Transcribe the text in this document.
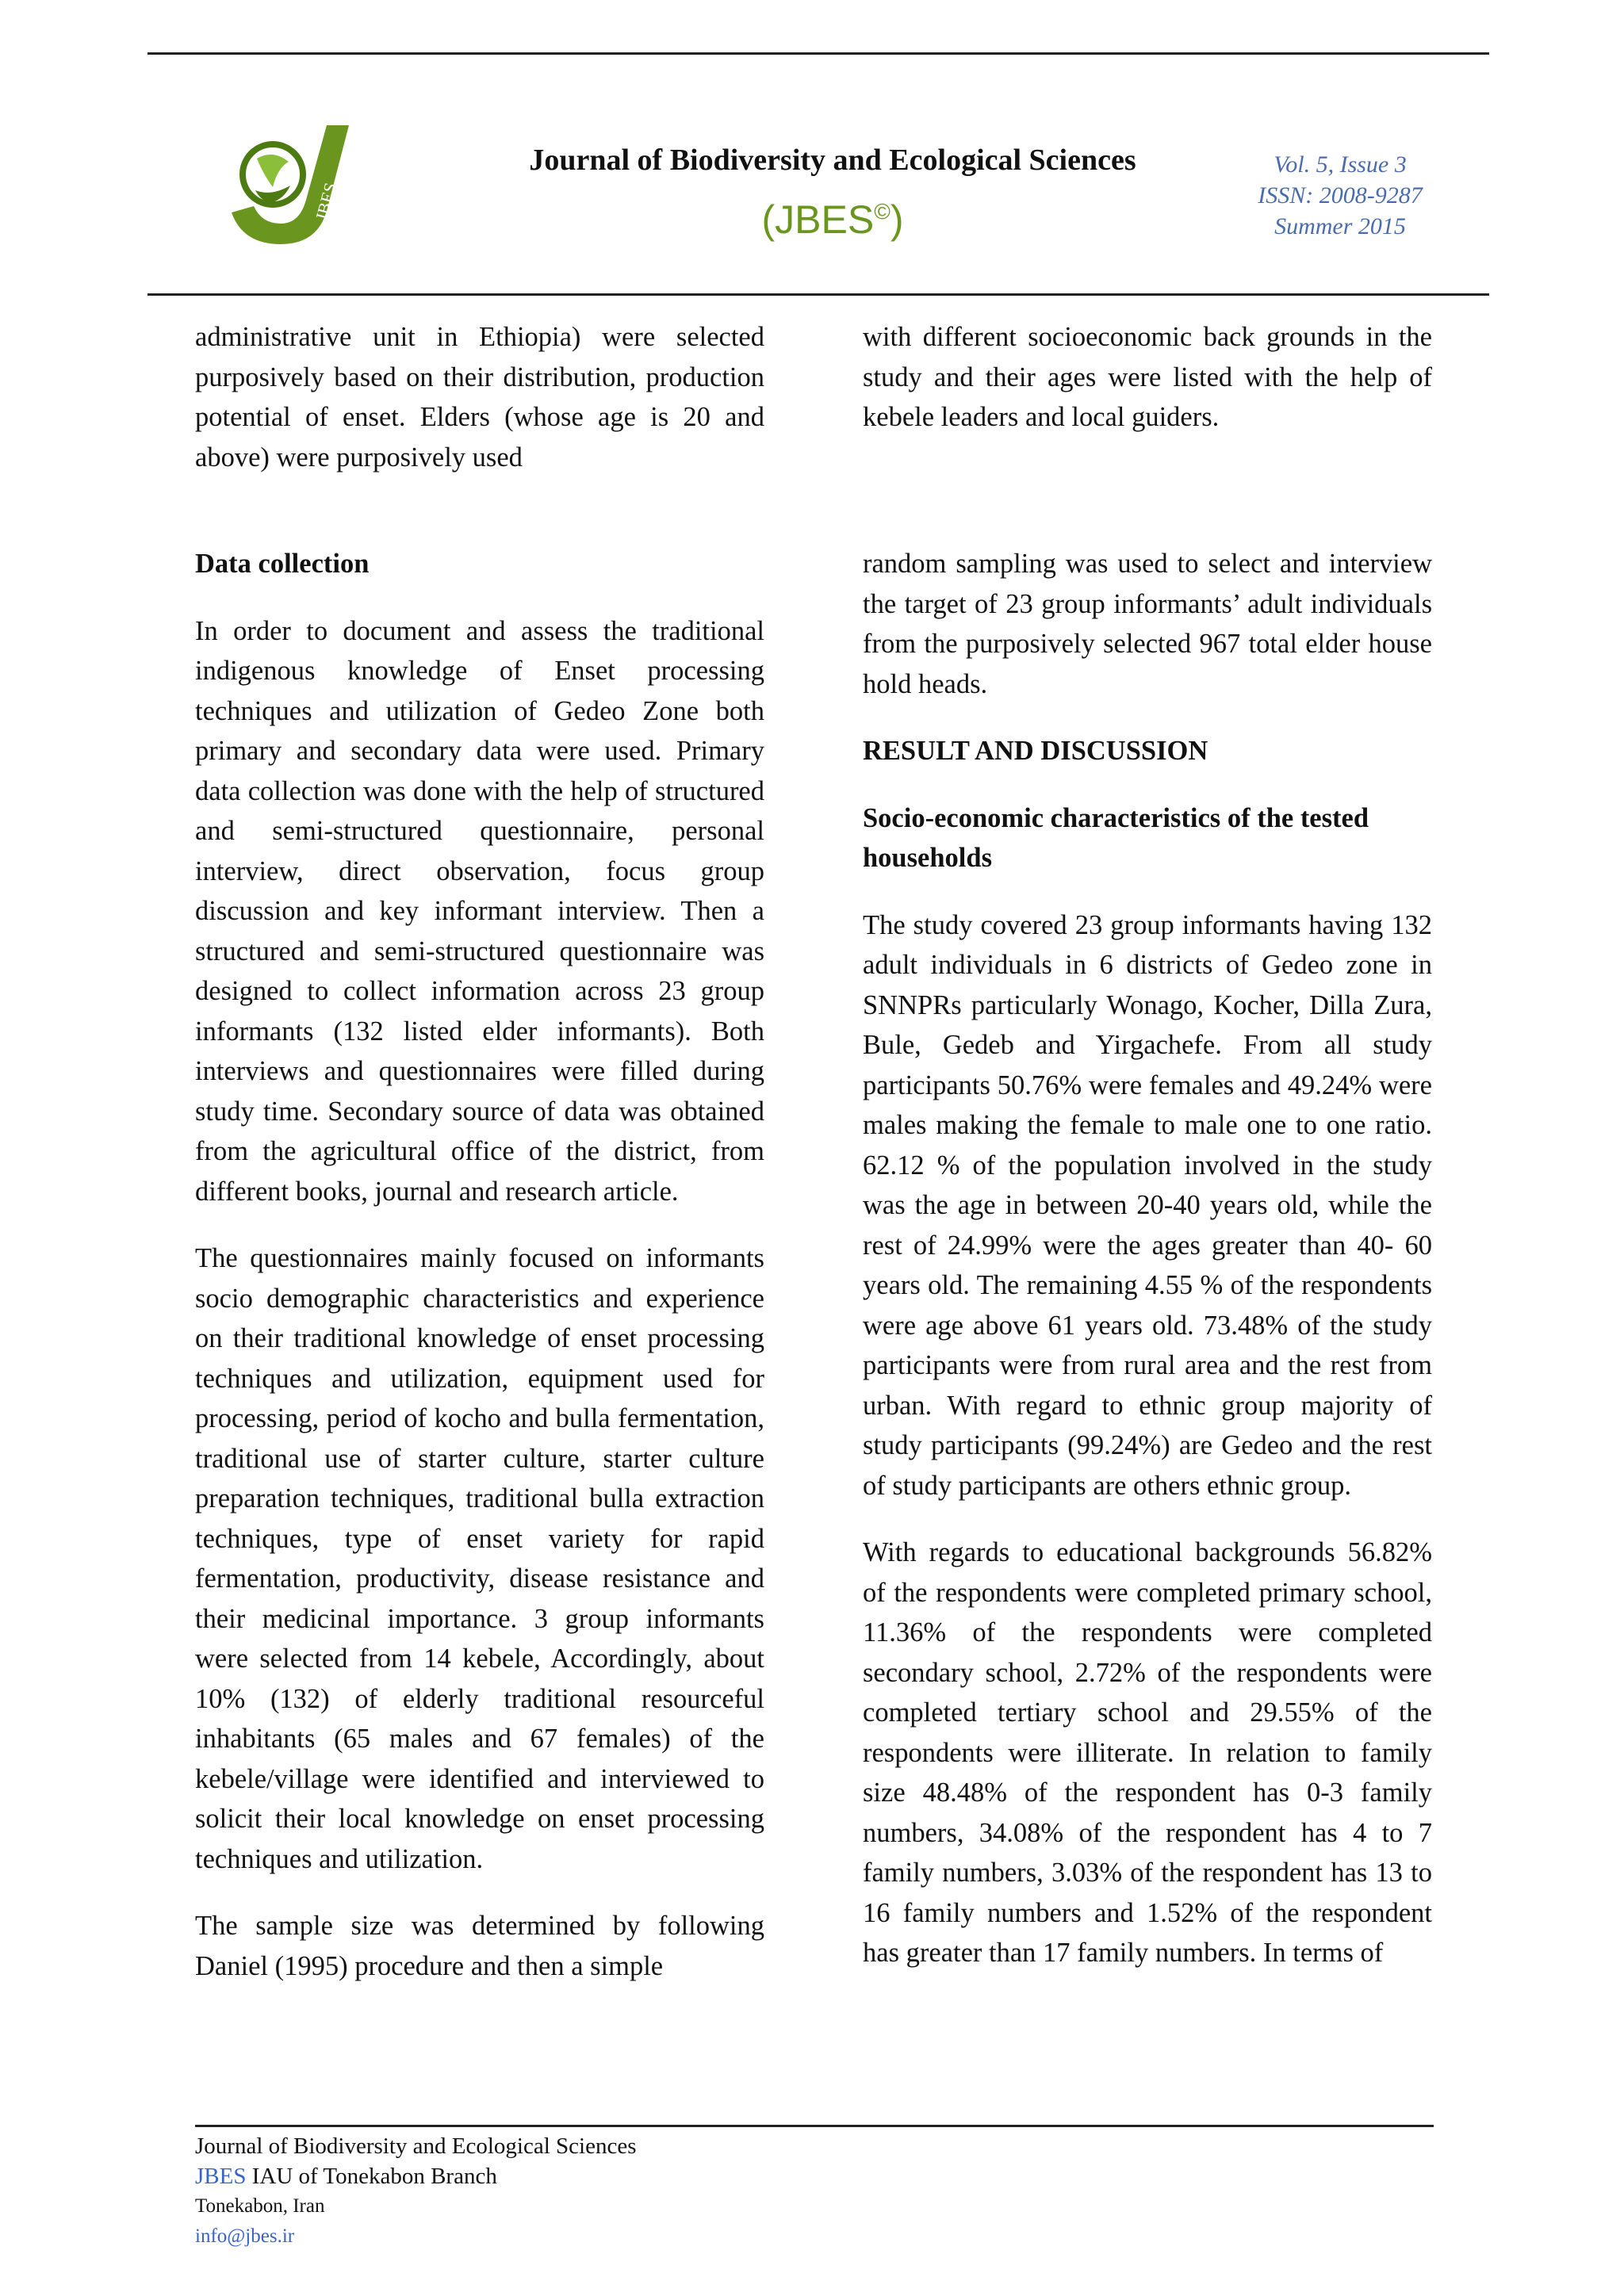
JBES
Journal of Biodiversity and Ecological Sciences
(JBES©)
Vol. 5, Issue 3
ISSN: 2008-9287
Summer 2015

administrative unit in Ethiopia) were selected purposively based on their distribution, production potential of enset. Elders (whose age is 20 and above) were purposively used

with different socioeconomic back grounds in the study and their ages were listed with the help of kebele leaders and local guiders.

Data collection

In order to document and assess the traditional indigenous knowledge of Enset processing techniques and utilization of Gedeo Zone both primary and secondary data were used. Primary data collection was done with the help of structured and semi-structured questionnaire, personal interview, direct observation, focus group discussion and key informant interview. Then a structured and semi-structured questionnaire was designed to collect information across 23 group informants (132 listed elder informants). Both interviews and questionnaires were filled during study time. Secondary source of data was obtained from the agricultural office of the district, from different books, journal and research article.

The questionnaires mainly focused on informants socio demographic characteristics and experience on their traditional knowledge of enset processing techniques and utilization, equipment used for processing, period of kocho and bulla fermentation, traditional use of starter culture, starter culture preparation techniques, traditional bulla extraction techniques, type of enset variety for rapid fermentation, productivity, disease resistance and their medicinal importance. 3 group informants were selected from 14 kebele, Accordingly, about 10% (132) of elderly traditional resourceful inhabitants (65 males and 67 females) of the kebele/village were identified and interviewed to solicit their local knowledge on enset processing techniques and utilization.

The sample size was determined by following Daniel (1995) procedure and then a simple

random sampling was used to select and interview the target of 23 group informants’ adult individuals from the purposively selected 967 total elder house hold heads.

RESULT AND DISCUSSION
Socio-economic characteristics of the tested households

The study covered 23 group informants having 132 adult individuals in 6 districts of Gedeo zone in SNNPRs particularly Wonago, Kocher, Dilla Zura, Bule, Gedeb and Yirgachefe. From all study participants 50.76% were females and 49.24% were males making the female to male one to one ratio. 62.12 % of the population involved in the study was the age in between 20-40 years old, while the rest of 24.99% were the ages greater than 40- 60 years old. The remaining 4.55 % of the respondents were age above 61 years old. 73.48% of the study participants were from rural area and the rest from urban. With regard to ethnic group majority of study participants (99.24%) are Gedeo and the rest of study participants are others ethnic group.

With regards to educational backgrounds 56.82% of the respondents were completed primary school, 11.36% of the respondents were completed secondary school, 2.72% of the respondents were completed tertiary school and 29.55% of the respondents were illiterate. In relation to family size 48.48% of the respondent has 0-3 family numbers, 34.08% of the respondent has 4 to 7 family numbers, 3.03% of the respondent has 13 to 16 family numbers and 1.52% of the respondent has greater than 17 family numbers. In terms of

Journal of Biodiversity and Ecological Sciences
JBES IAU of Tonekabon Branch
Tonekabon, Iran
info@jbes.ir
